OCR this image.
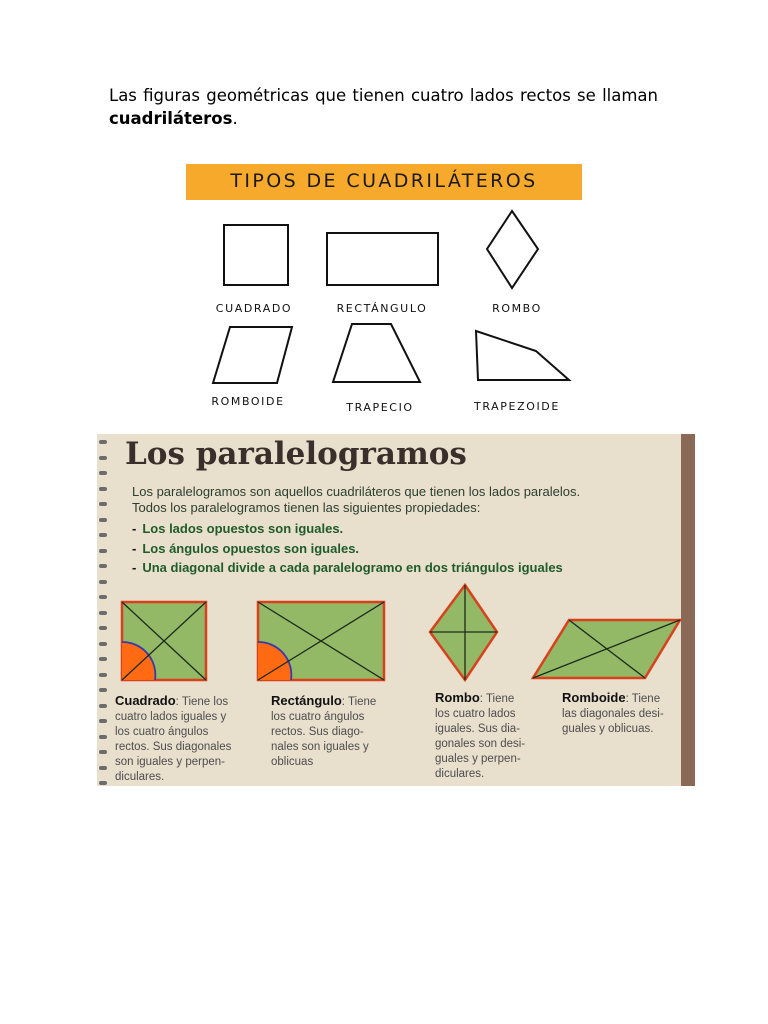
Las figuras geométricas que tienen cuatro lados rectos se llaman cuadriláteros.

TIPOS DE CUADRILÁTEROS
CUADRADO	RECTÁNGULO	ROMBO
ROMBOIDE	TRAPECIO	TRAPEZOIDE
Los paralelogramos
Los paralelogramos son aquellos cuadriláteros que tienen los lados paralelos.
Todos los paralelogramos tienen las siguientes propiedades:
- Los lados opuestos son iguales.
- Los ángulos opuestos son iguales.
- Una diagonal divide a cada paralelogramo en dos triángulos iguales
Cuadrado: Tiene los
cuatro lados iguales y
los cuatro ángulos
rectos. Sus diagonales
son iguales y perpen-
diculares.
Rectángulo: Tiene
los cuatro ángulos
rectos. Sus diago-
nales son iguales y
oblicuas
Rombo: Tiene
los cuatro lados
iguales. Sus dia-
gonales son desi-
guales y perpen-
diculares.
Romboide: Tiene
las diagonales desi-
guales y oblicuas.
